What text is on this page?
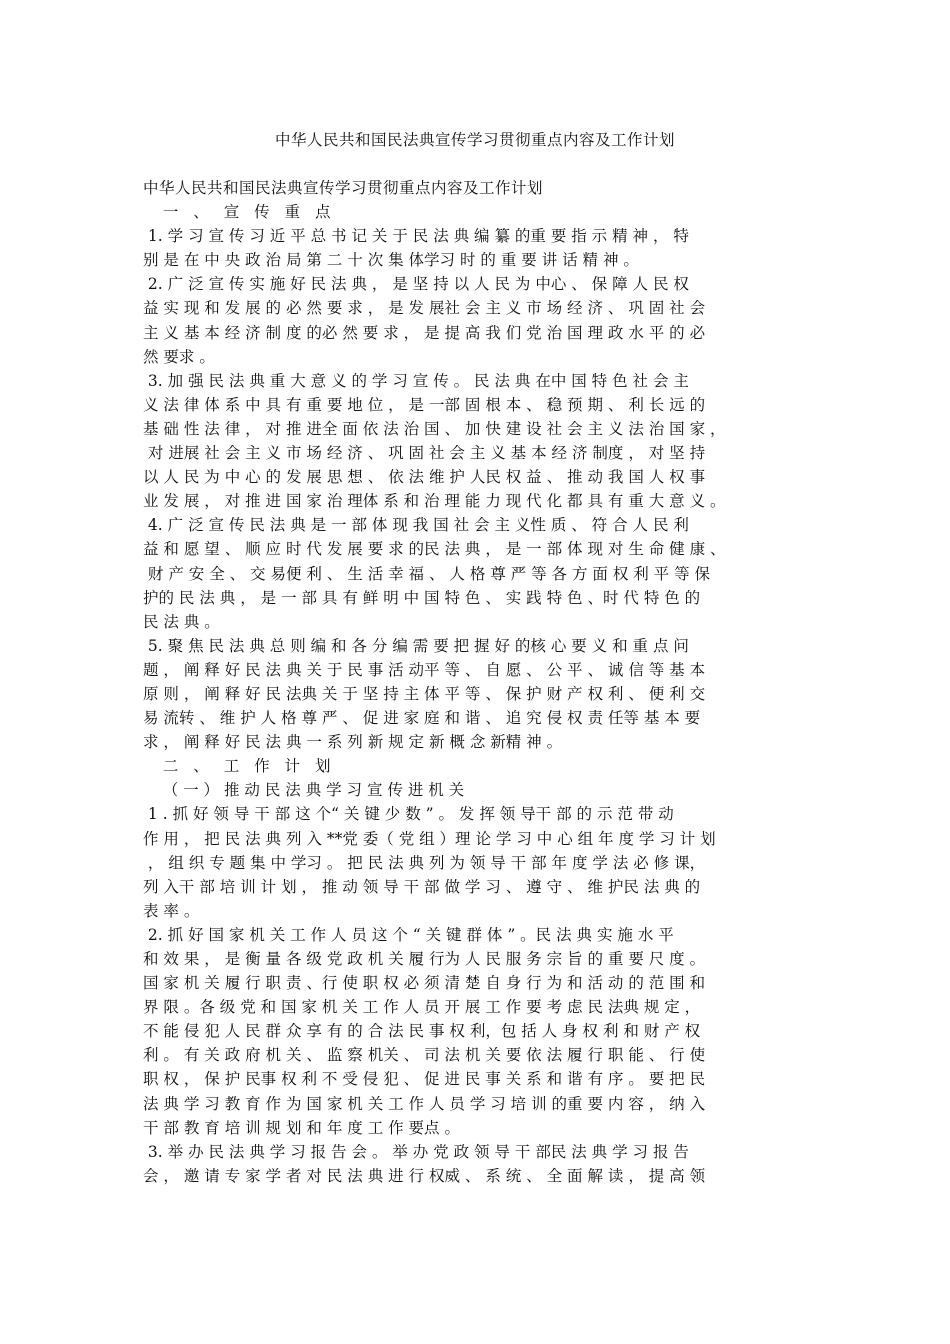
中华人民共和国民法典宣传学习贯彻重点内容及工作计划
中华人民共和国民法典宣传学习贯彻重点内容及工作计划
一 、 宣 传 重 点
1. 学 习 宣 传 习 近 平 总 书 记 关 于 民 法 典 编 纂 的重 要 指 示 精 神 ， 特
别 是 在 中 央 政 治 局 第 二 十 次 集 体学习 时 的 重 要 讲 话 精 神 。
2. 广 泛 宣 传 实 施 好 民 法 典 ， 是 坚 持 以 人 民 为 中心 、 保 障 人 民 权
益 实 现 和 发 展 的 必 然 要 求 ， 是 发 展社 会 主 义 市 场 经 济 、 巩 固 社 会
主 义 基 本 经 济 制 度 的必 然 要 求 ， 是 提 高 我 们 党 治 国 理 政 水 平 的 必
然 要求 。
3. 加 强 民 法 典 重 大 意 义 的 学 习 宣 传 。 民 法 典 在中 国 特 色 社 会 主
义 法 律 体 系 中 具 有 重 要 地 位 ， 是 一部 固 根 本 、 稳 预 期 、 利 长 远 的
基 础 性 法 律 ， 对 推 进全 面 依 法 治 国 、 加 快 建 设 社 会 主 义 法 治 国 家 ，
对 进展 社 会 主 义 市 场 经 济 、 巩 固 社 会 主 义 基 本 经 济 制度 ， 对 坚 持
以 人 民 为 中 心 的 发 展 思 想 、 依 法 维 护 人民 权 益 、 推 动 我 国 人 权 事
业 发 展 ， 对 推 进 国 家 治 理体 系 和 治 理 能 力 现 代 化 都 具 有 重 大 意 义 。
4. 广 泛 宣 传 民 法 典 是 一 部 体 现 我 国 社 会 主 义性 质 、 符 合 人 民 利
益 和 愿 望 、 顺 应 时 代 发 展 要 求 的民 法 典 ， 是 一 部 体 现 对 生 命 健 康 、
财 产 安 全 、 交 易便 利 、 生 活 幸 福 、 人 格 尊 严 等 各 方 面 权 利 平 等 保
护的 民 法 典 ， 是 一 部 具 有 鲜 明 中 国 特 色 、 实 践 特 色 、时 代 特 色 的
民 法 典 。
5. 聚 焦 民 法 典 总 则 编 和 各 分 编 需 要 把 握 好 的核 心 要 义 和 重 点 问
题 ， 阐 释 好 民 法 典 关 于 民 事 活 动平 等 、 自 愿 、 公 平 、 诚 信 等 基 本
原 则 ， 阐 释 好 民 法典 关 于 坚 持 主 体 平 等 、 保 护 财 产 权 利 、 便 利 交
易 流转 、 维 护 人 格 尊 严 、 促 进 家 庭 和 谐 、 追 究 侵 权 责 任等 基 本 要
求 ， 阐 释 好 民 法 典 一 系 列 新 规 定 新 概 念 新精 神 。
二 、 工 作 计 划
（ 一 ） 推 动 民 法 典 学 习 宣 传 进 机 关
1 . 抓 好 领 导 干 部 这 个“ 关 键 少 数 ” 。 发 挥 领 导干 部 的 示 范 带 动
作 用 ， 把 民 法 典 列 入 **党 委（ 党 组 ）理 论 学 习 中 心 组 年 度 学 习 计 划
， 组 织 专 题 集 中 学习 。 把 民 法 典 列 为 领 导 干 部 年 度 学 法 必 修 课，
列 入干 部 培 训 计 划 ， 推 动 领 导 干 部 做 学 习 、 遵 守 、 维 护民 法 典 的
表 率 。
2. 抓 好 国 家 机 关 工 作 人 员 这 个 “ 关 键 群 体 ” 。民 法 典 实 施 水 平
和 效 果 ， 是 衡 量 各 级 党 政 机 关 履 行为 人 民 服 务 宗 旨 的 重 要 尺 度 。
国 家 机 关 履 行 职 责 、行 使 职 权 必 须 清 楚 自 身 行 为 和 活 动 的 范 围 和
界 限 。各 级 党 和 国 家 机 关 工 作 人 员 开 展 工 作 要 考 虑 民 法典 规 定 ，
不 能 侵 犯 人 民 群 众 享 有 的 合 法 民 事 权 利，包 括 人 身 权 利 和 财 产 权
利 。 有 关 政 府 机 关 、 监 察 机关 、 司 法 机 关 要 依 法 履 行 职 能 、 行 使
职 权 ， 保 护 民事 权 利 不 受 侵 犯 、 促 进 民 事 关 系 和 谐 有 序 。 要 把 民
法 典 学 习 教 育 作 为 国 家 机 关 工 作 人 员 学 习 培 训 的重 要 内 容 ， 纳 入
干 部 教 育 培 训 规 划 和 年 度 工 作 要点 。
3. 举 办 民 法 典 学 习 报 告 会 。 举 办 党 政 领 导 干 部民 法 典 学 习 报 告
会 ， 邀 请 专 家 学 者 对 民 法 典 进 行 权威 、 系 统 、 全 面 解 读 ， 提 高 领
